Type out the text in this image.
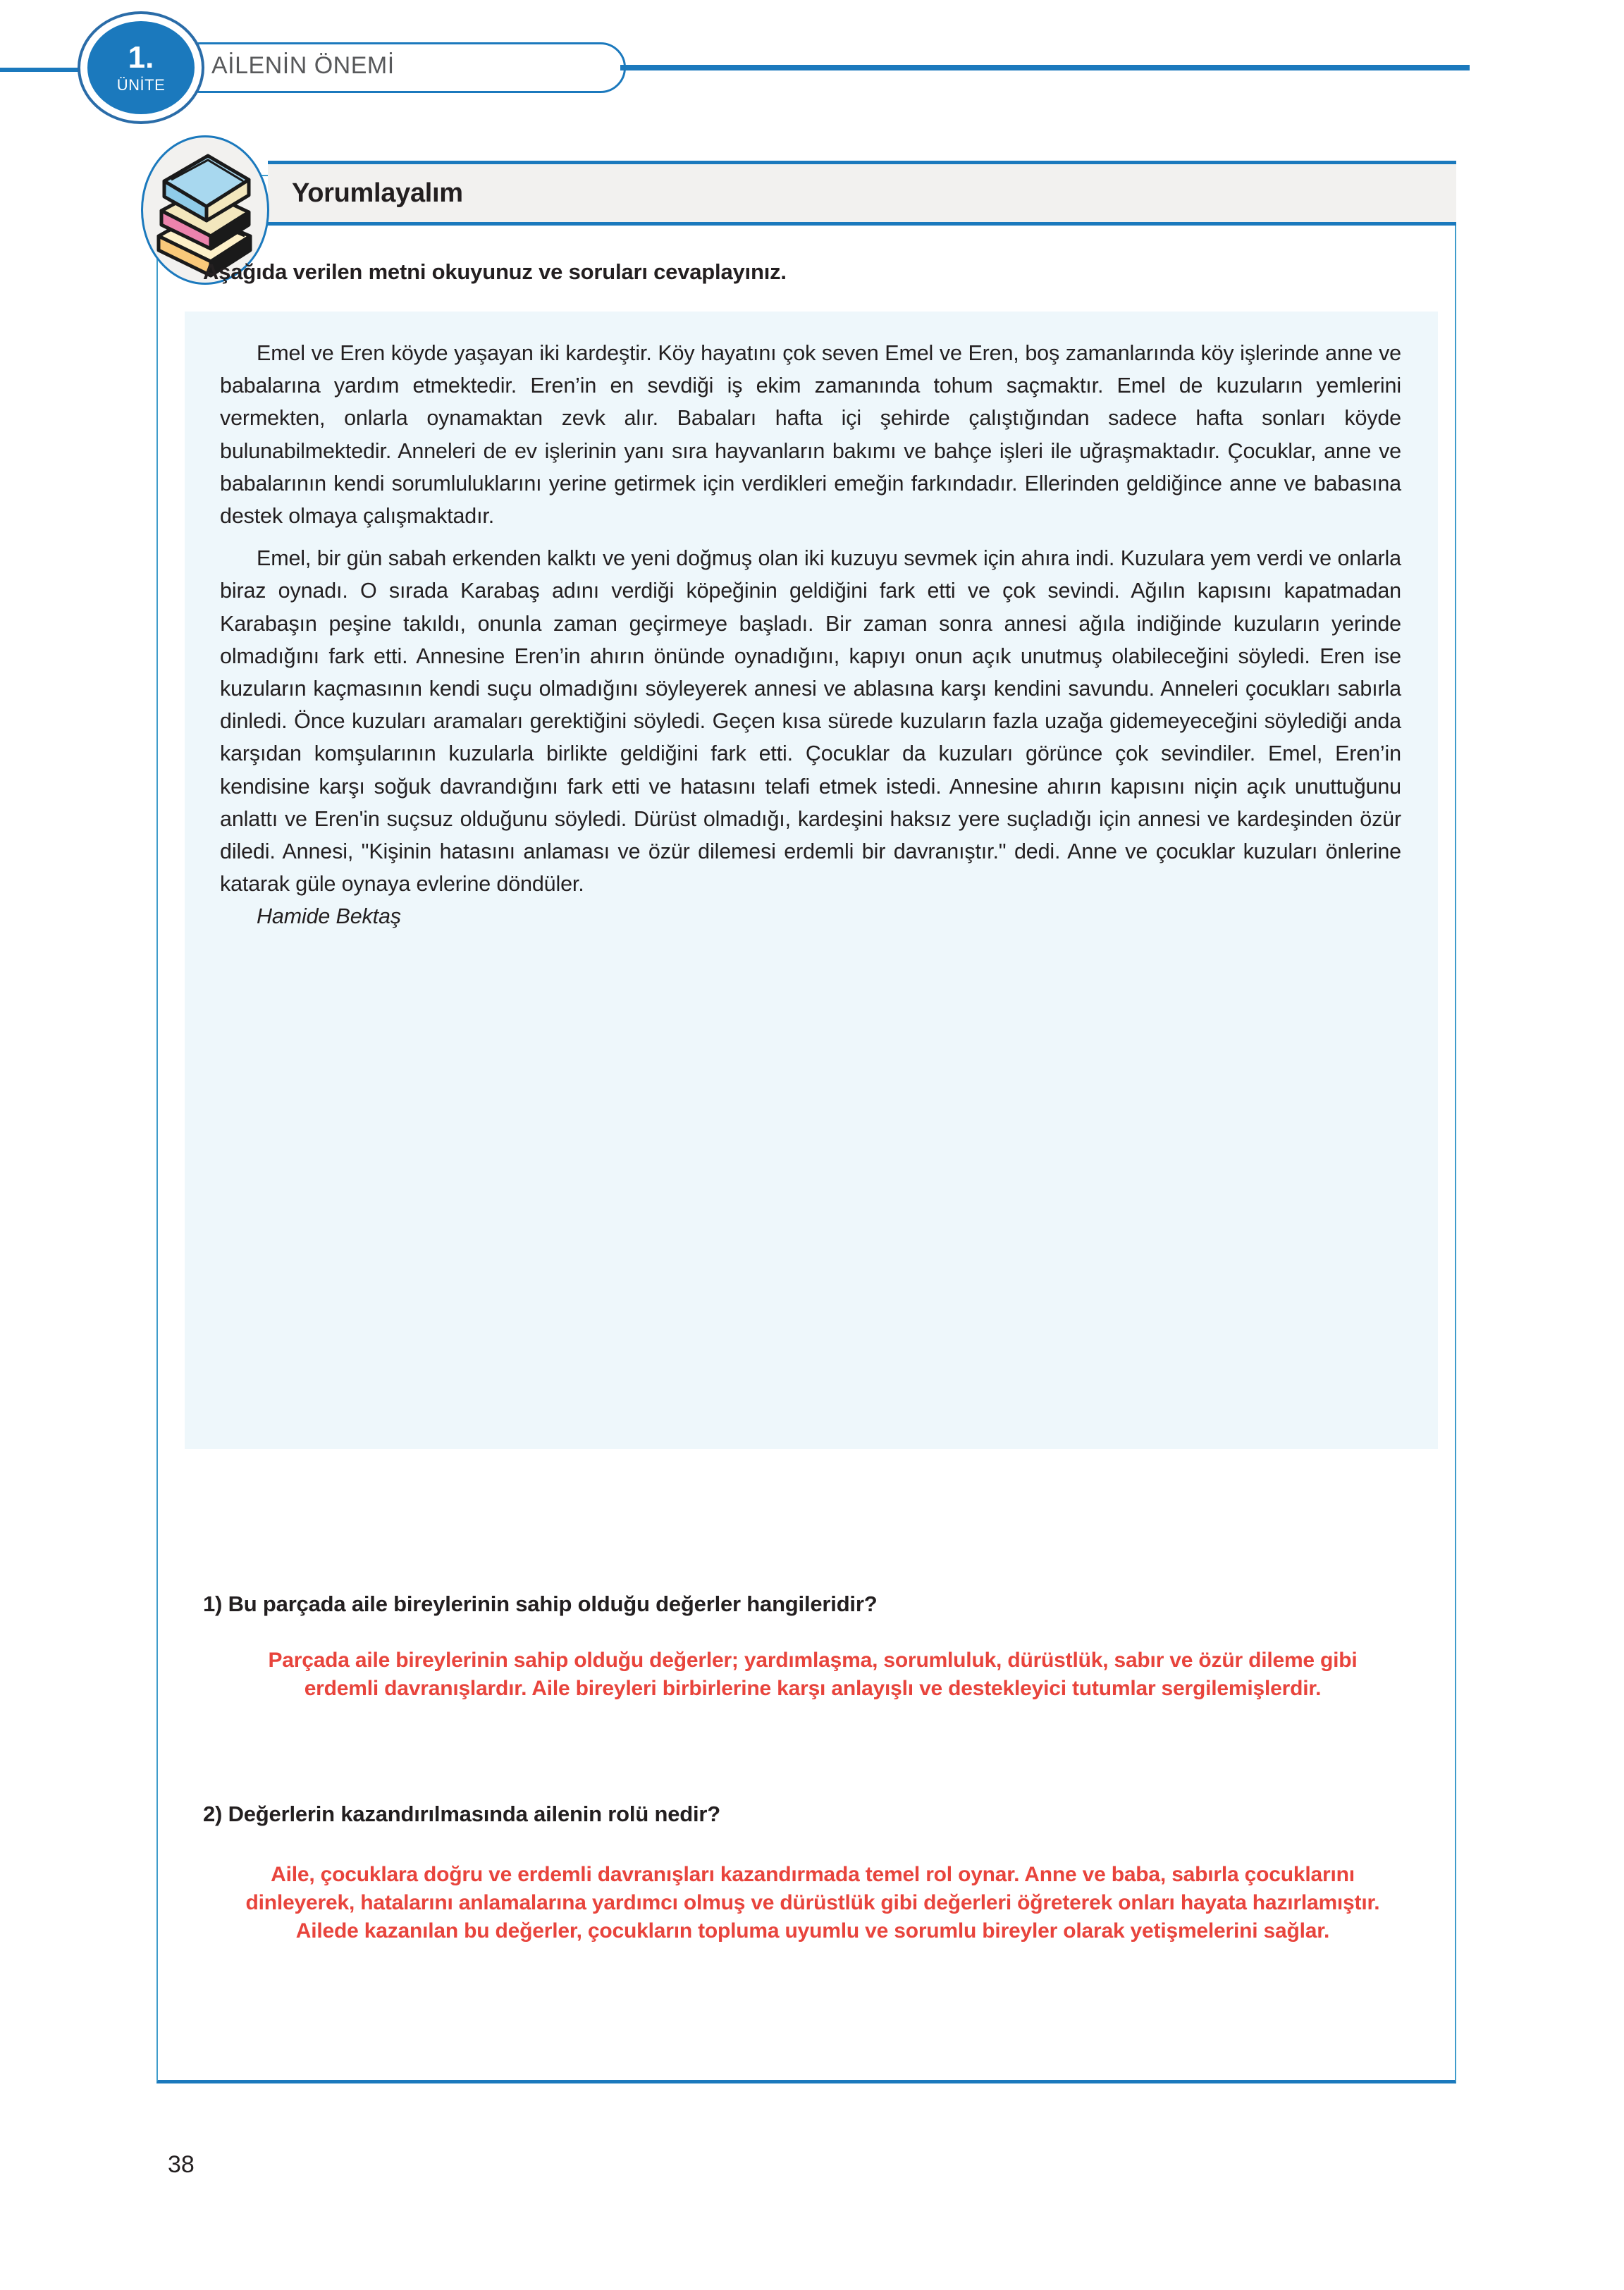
1.
ÜNİTE
AİLENİN ÖNEMİ
Yorumlayalım
Aşağıda verilen metni okuyunuz ve soruları cevaplayınız.

Emel ve Eren köyde yaşayan iki kardeştir. Köy hayatını çok seven Emel ve Eren, boş zamanlarında köy işlerinde anne ve babalarına yardım etmektedir. Eren’in en sevdiği iş ekim zamanında tohum saçmaktır. Emel de kuzuların yemlerini vermekten, onlarla oynamaktan zevk alır. Babaları hafta içi şehirde çalıştığından sadece hafta sonları köyde bulunabilmektedir. Anneleri de ev işlerinin yanı sıra hayvanların bakımı ve bahçe işleri ile uğraşmaktadır. Çocuklar, anne ve babalarının kendi sorumluluklarını yerine getirmek için verdikleri emeğin farkındadır. Ellerinden geldiğince anne ve babasına destek olmaya çalışmaktadır.

Emel, bir gün sabah erkenden kalktı ve yeni doğmuş olan iki kuzuyu sevmek için ahıra indi. Kuzulara yem verdi ve onlarla biraz oynadı. O sırada Karabaş adını verdiği köpeğinin geldiğini fark etti ve çok sevindi. Ağılın kapısını kapatmadan Karabaşın peşine takıldı, onunla zaman geçirmeye başladı. Bir zaman sonra annesi ağıla indiğinde kuzuların yerinde olmadığını fark etti. Annesine Eren’in ahırın önünde oynadığını, kapıyı onun açık unutmuş olabileceğini söyledi. Eren ise kuzuların kaçmasının kendi suçu olmadığını söyleyerek annesi ve ablasına karşı kendini savundu. Anneleri çocukları sabırla dinledi. Önce kuzuları aramaları gerektiğini söyledi. Geçen kısa sürede kuzuların fazla uzağa gidemeyeceğini söylediği anda karşıdan komşularının kuzularla birlikte geldiğini fark etti. Çocuklar da kuzuları görünce çok sevindiler. Emel, Eren’in kendisine karşı soğuk davrandığını fark etti ve hatasını telafi etmek istedi. Annesine ahırın kapısını niçin açık unuttuğunu anlattı ve Eren'in suçsuz olduğunu söyledi. Dürüst olmadığı, kardeşini haksız yere suçladığı için annesi ve kardeşinden özür diledi. Annesi, "Kişinin hatasını anlaması ve özür dilemesi erdemli bir davranıştır." dedi. Anne ve çocuklar kuzuları önlerine katarak güle oynaya evlerine döndüler.

Hamide Bektaş

1) Bu parçada aile bireylerinin sahip olduğu değerler hangileridir?
Parçada aile bireylerinin sahip olduğu değerler; yardımlaşma, sorumluluk, dürüstlük, sabır ve özür dileme gibi erdemli davranışlardır. Aile bireyleri birbirlerine karşı anlayışlı ve destekleyici tutumlar sergilemişlerdir.
2) Değerlerin kazandırılmasında ailenin rolü nedir?
Aile, çocuklara doğru ve erdemli davranışları kazandırmada temel rol oynar. Anne ve baba, sabırla çocuklarını dinleyerek, hatalarını anlamalarına yardımcı olmuş ve dürüstlük gibi değerleri öğreterek onları hayata hazırlamıştır. Ailede kazanılan bu değerler, çocukların topluma uyumlu ve sorumlu bireyler olarak yetişmelerini sağlar.
38
